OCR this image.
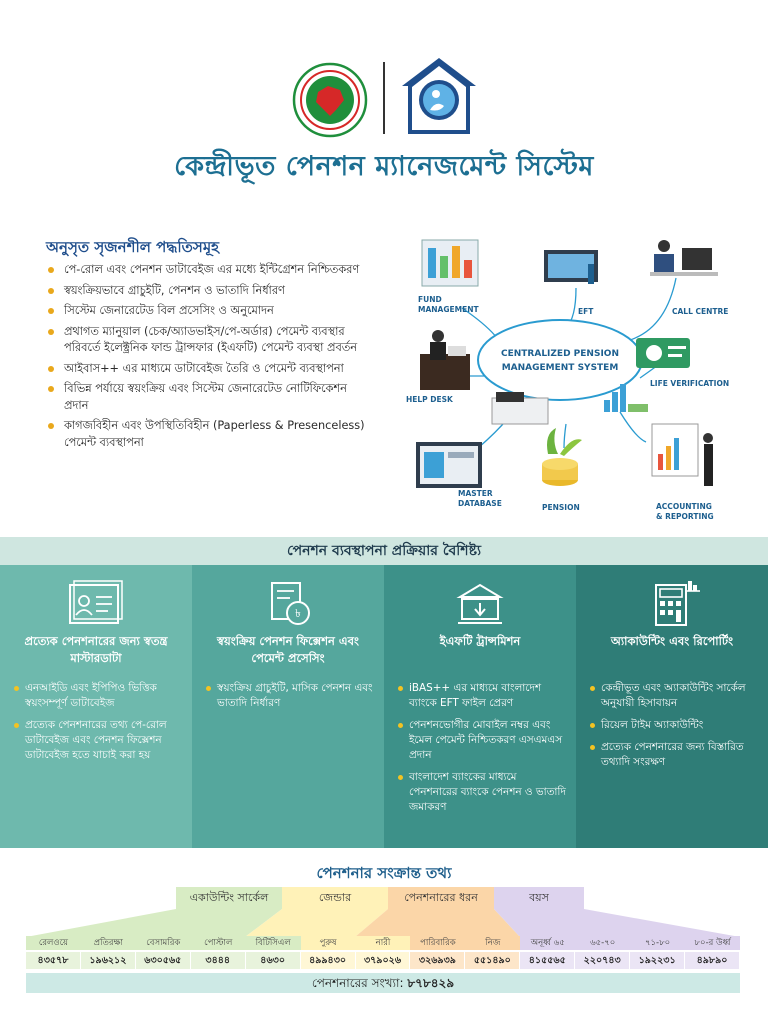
কেন্দ্রীভূত পেনশন ম্যানেজমেন্ট সিস্টেম
অনুসৃত সৃজনশীল পদ্ধতিসমূহ
পে-রোল এবং পেনশন ডাটাবেইজ এর মধ্যে ইন্টিগ্রেশন নিশ্চিতকরণ
স্বয়ংক্রিয়ভাবে গ্রাচুইটি, পেনশন ও ভাতাদি নির্ধারণ
সিস্টেম জেনারেটেড বিল প্রসেসিং ও অনুমোদন
প্রথাগত ম্যানুয়াল (চেক/অ্যাডভাইস/পে-অর্ডার) পেমেন্ট ব্যবস্থার পরিবর্তে ইলেক্ট্রনিক ফান্ড ট্রান্সফার (ইএফটি) পেমেন্ট ব্যবস্থা প্রবর্তন
আইবাস++ এর মাধ্যমে ডাটাবেইজ তৈরি ও পেমেন্ট ব্যবস্থাপনা
বিভিন্ন পর্যায়ে স্বয়ংক্রিয় এবং সিস্টেম জেনারেটেড নোটিফিকেশন প্রদান
কাগজবিহীন এবং উপস্থিতিবিহীন (Paperless & Presenceless) পেমেন্ট ব্যবস্থাপনা
CENTRALIZED PENSION
MANAGEMENT SYSTEM
FUND
MANAGEMENT	EFT	CALL CENTRE
HELP DESK
LIFE VERIFICATION
MASTER
DATABASE	PENSION	ACCOUNTING
& REPORTING
পেনশন ব্যবস্থাপনা প্রক্রিয়ার বৈশিষ্ট্য
প্রত্যেক পেনশনারের জন্য স্বতন্ত্র মাস্টারডাটা
এনআইডি এবং ইপিপিও ভিত্তিক স্বয়ংসম্পূর্ণ ডাটাবেইজ
প্রত্যেক পেনশনারের তথ্য পে-রোল ডাটাবেইজ এবং পেনশন ফিক্সেশন ডাটাবেইজ হতে যাচাই করা হয়
৳
স্বয়ংক্রিয় পেনশন ফিক্সেশন এবং পেমেন্ট প্রসেসিং
স্বয়ংক্রিয় গ্রাচুইটি, মাসিক পেনশন এবং ভাতাদি নির্ধারণ
ইএফটি ট্রান্সমিশন
iBAS++ এর মাধ্যমে বাংলাদেশ ব্যাংকে EFT ফাইল প্রেরণ
পেনশনভোগীর মোবাইল নম্বর এবং ইমেল পেমেন্ট নিশ্চিতকরণ এসএমএস প্রদান
বাংলাদেশ ব্যাংকের মাধ্যমে পেনশনারের ব্যাংকে পেনশন ও ভাতাদি জমাকরণ
অ্যাকাউন্টিং এবং রিপোর্টিং
কেন্দ্রীভূত এবং অ্যাকাউন্টিং সার্কেল অনুযায়ী হিসাবায়ন
রিয়েল টাইম অ্যাকাউন্টিং
প্রত্যেক পেনশনারের জন্য বিস্তারিত তথ্যাদি সংরক্ষণ
পেনশনার সংক্রান্ত তথ্য
একাউন্টিং সার্কেল	জেন্ডার	পেনশনারের ধরন	বয়স
রেলওয়ে	প্রতিরক্ষা	বেসামরিক	পোস্টাল	বিটিসিএল	পুরুষ	নারী	পারিবারিক	নিজ	অনূর্ধ্ব ৬৫	৬৫-৭০	৭১-৮০	৮০-র উর্ধ্ব
৪৩৫৭৮	১৯৬২১২	৬৩০৫৬৫	৩৪৪৪	৪৬৩০	৪৯৯৪৩০	৩৭৯০২৬	৩২৬৯৩৯	৫৫১৪৯০	৪১৫৫৬৫	২২০৭৪৩	১৯২২৩১	৪৯৮৯০
পেনশনারের সংখ্যা: ৮৭৮৪২৯
